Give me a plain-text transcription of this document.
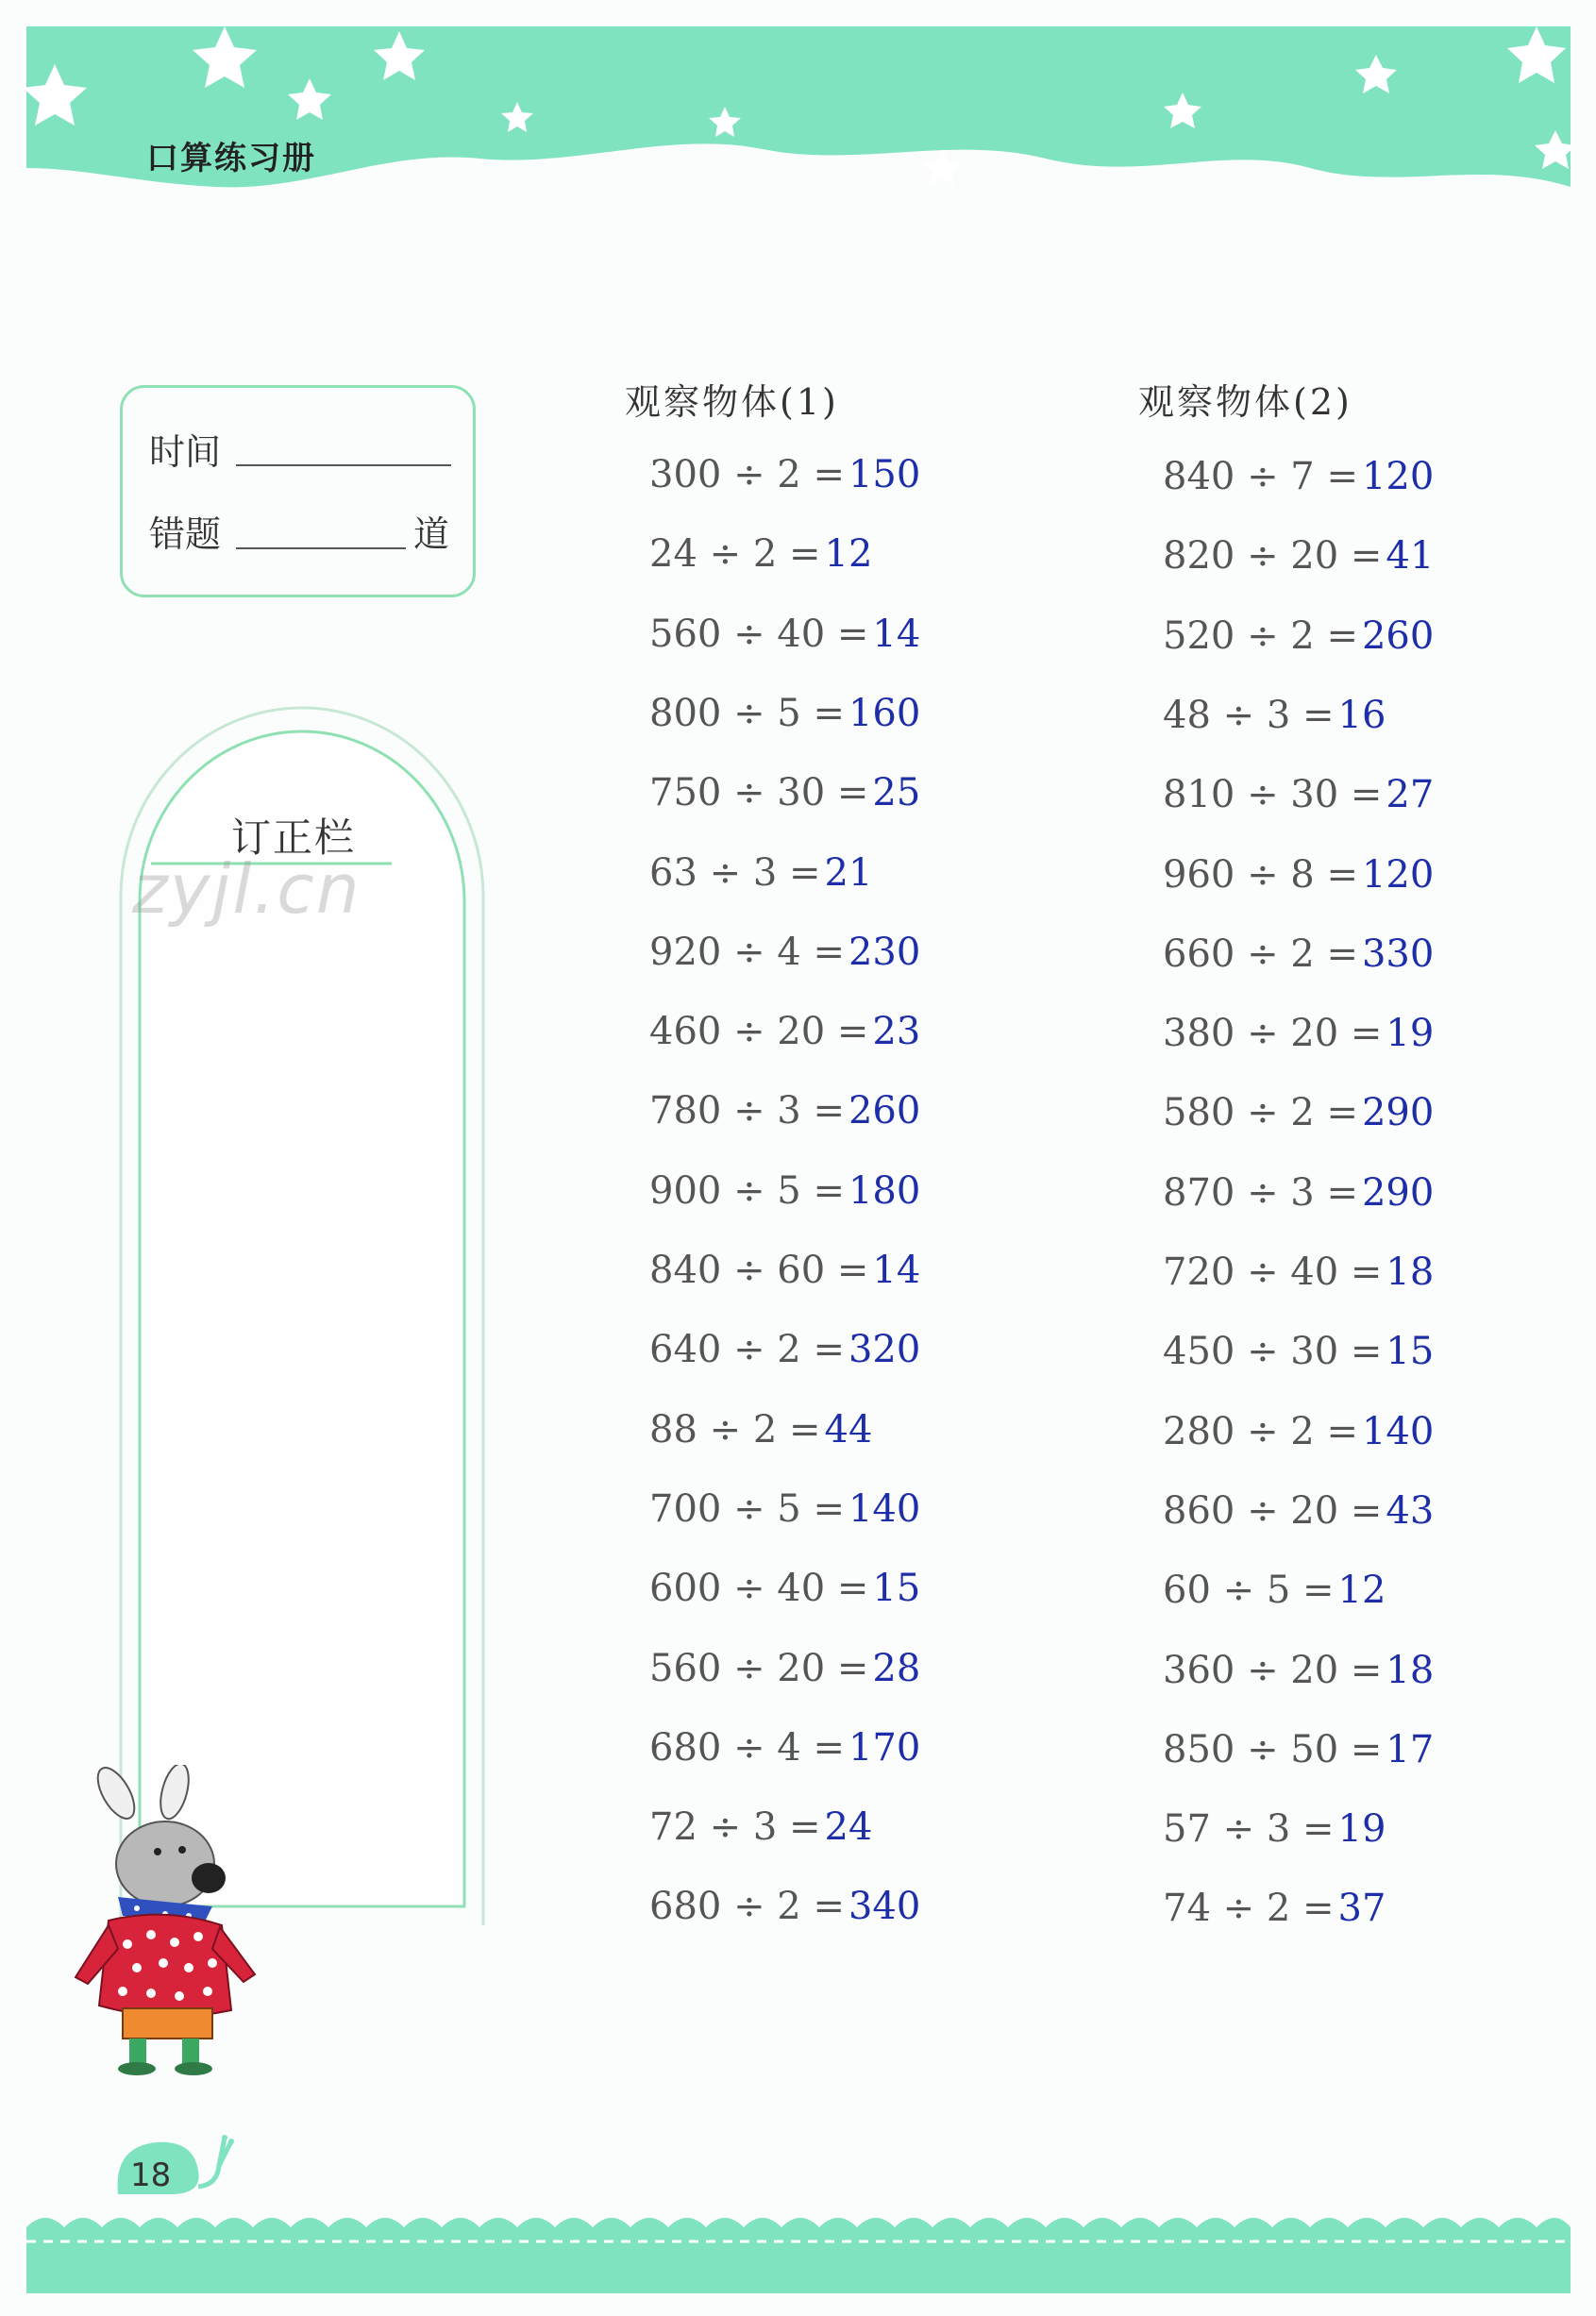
口算练习册
时间
错题	道
订正栏
zyjl.cn
观察物体(1)
300 ÷ 2 = 150
24 ÷ 2 = 12
560 ÷ 40 = 14
800 ÷ 5 = 160
750 ÷ 30 = 25
63 ÷ 3 = 21
920 ÷ 4 = 230
460 ÷ 20 = 23
780 ÷ 3 = 260
900 ÷ 5 = 180
840 ÷ 60 = 14
640 ÷ 2 = 320
88 ÷ 2 = 44
700 ÷ 5 = 140
600 ÷ 40 = 15
560 ÷ 20 = 28
680 ÷ 4 = 170
72 ÷ 3 = 24
680 ÷ 2 = 340
观察物体(2)
840 ÷ 7 = 120
820 ÷ 20 = 41
520 ÷ 2 = 260
48 ÷ 3 = 16
810 ÷ 30 = 27
960 ÷ 8 = 120
660 ÷ 2 = 330
380 ÷ 20 = 19
580 ÷ 2 = 290
870 ÷ 3 = 290
720 ÷ 40 = 18
450 ÷ 30 = 15
280 ÷ 2 = 140
860 ÷ 20 = 43
60 ÷ 5 = 12
360 ÷ 20 = 18
850 ÷ 50 = 17
57 ÷ 3 = 19
74 ÷ 2 = 37
18
